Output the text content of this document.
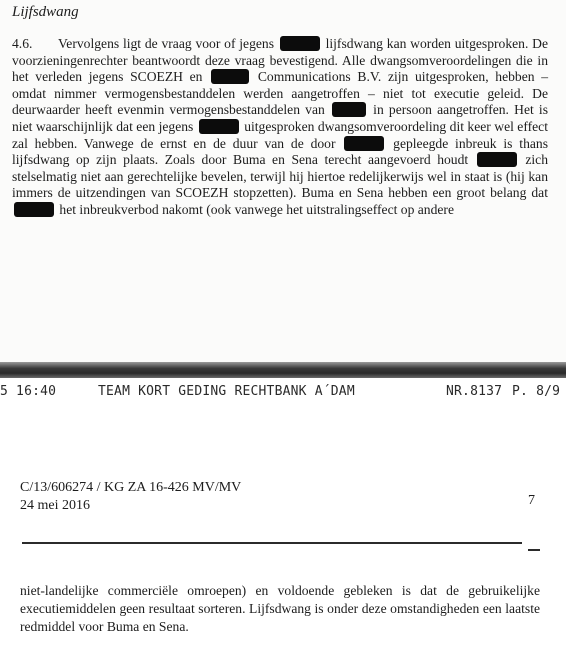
Lijfsdwang
4.6. Vervolgens ligt de vraag voor of jegens	lijfsdwang kan worden uitgesproken. De voorzieningenrechter beantwoordt deze vraag bevestigend. Alle dwangsomveroordelingen die in het verleden jegens SCOEZH en	Communications B.V. zijn uitgesproken, hebben – omdat nimmer vermogensbestanddelen werden aangetroffen – niet tot executie geleid. De deurwaarder heeft evenmin vermogensbestanddelen van	in persoon aangetroffen. Het is niet waarschijnlijk dat een jegens	uitgesproken dwangsomveroordeling dit keer wel effect zal hebben. Vanwege de ernst en de duur van de door	gepleegde inbreuk is thans lijfsdwang op zijn plaats. Zoals door Buma en Sena terecht aangevoerd houdt	zich stelselmatig niet aan gerechtelijke bevelen, terwijl hij hiertoe redelijkerwijs wel in staat is (hij kan immers de uitzendingen van SCOEZH stopzetten). Buma en Sena hebben een groot belang dat  het inbreukverbod nakomt (ook vanwege het uitstralingseffect op andere
5 16:40	TEAM KORT GEDING RECHTBANK A´DAM	NR.8137 P. 8/9
C/13/606274 / KG ZA 16-426 MV/MV
24 mei 2016	7
niet-landelijke commerciële omroepen) en voldoende gebleken is dat de gebruikelijke executiemiddelen geen resultaat sorteren. Lijfsdwang is onder deze omstandigheden een laatste redmiddel voor Buma en Sena.
